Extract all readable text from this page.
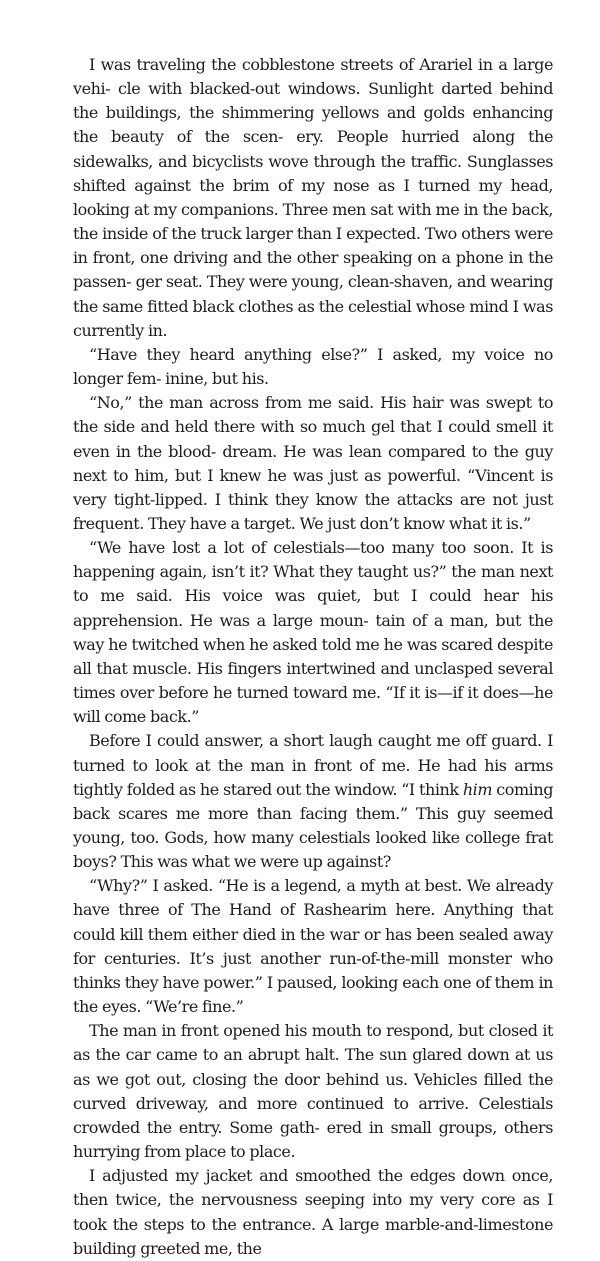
I was traveling the cobblestone streets of Arariel in a large vehi- cle with blacked-out windows. Sunlight darted behind the buildings, the shimmering yellows and golds enhancing the beauty of the scen- ery. People hurried along the sidewalks, and bicyclists wove through the traffic. Sunglasses shifted against the brim of my nose as I turned my head, looking at my companions. Three men sat with me in the back, the inside of the truck larger than I expected. Two others were in front, one driving and the other speaking on a phone in the passen- ger seat. They were young, clean-shaven, and wearing the same fitted black clothes as the celestial whose mind I was currently in.

“Have they heard anything else?” I asked, my voice no longer fem- inine, but his.

“No,” the man across from me said. His hair was swept to the side and held there with so much gel that I could smell it even in the blood- dream. He was lean compared to the guy next to him, but I knew he was just as powerful. “Vincent is very tight-lipped. I think they know the attacks are not just frequent. They have a target. We just don’t know what it is.”

“We have lost a lot of celestials—too many too soon. It is happening again, isn’t it? What they taught us?” the man next to me said. His voice was quiet, but I could hear his apprehension. He was a large moun- tain of a man, but the way he twitched when he asked told me he was scared despite all that muscle. His fingers intertwined and unclasped several times over before he turned toward me. “If it is—if it does—he will come back.”

Before I could answer, a short laugh caught me off guard. I turned to look at the man in front of me. He had his arms tightly folded as he stared out the window. “I think him coming back scares me more than facing them.” This guy seemed young, too. Gods, how many celestials looked like college frat boys? This was what we were up against?

“Why?” I asked. “He is a legend, a myth at best. We already have three of The Hand of Rashearim here. Anything that could kill them either died in the war or has been sealed away for centuries. It’s just another run-of-the-mill monster who thinks they have power.” I paused, looking each one of them in the eyes. “We’re fine.”

The man in front opened his mouth to respond, but closed it as the car came to an abrupt halt. The sun glared down at us as we got out, closing the door behind us. Vehicles filled the curved driveway, and more continued to arrive. Celestials crowded the entry. Some gath- ered in small groups, others hurrying from place to place.

I adjusted my jacket and smoothed the edges down once, then twice, the nervousness seeping into my very core as I took the steps to the entrance. A large marble-and-limestone building greeted me, the
